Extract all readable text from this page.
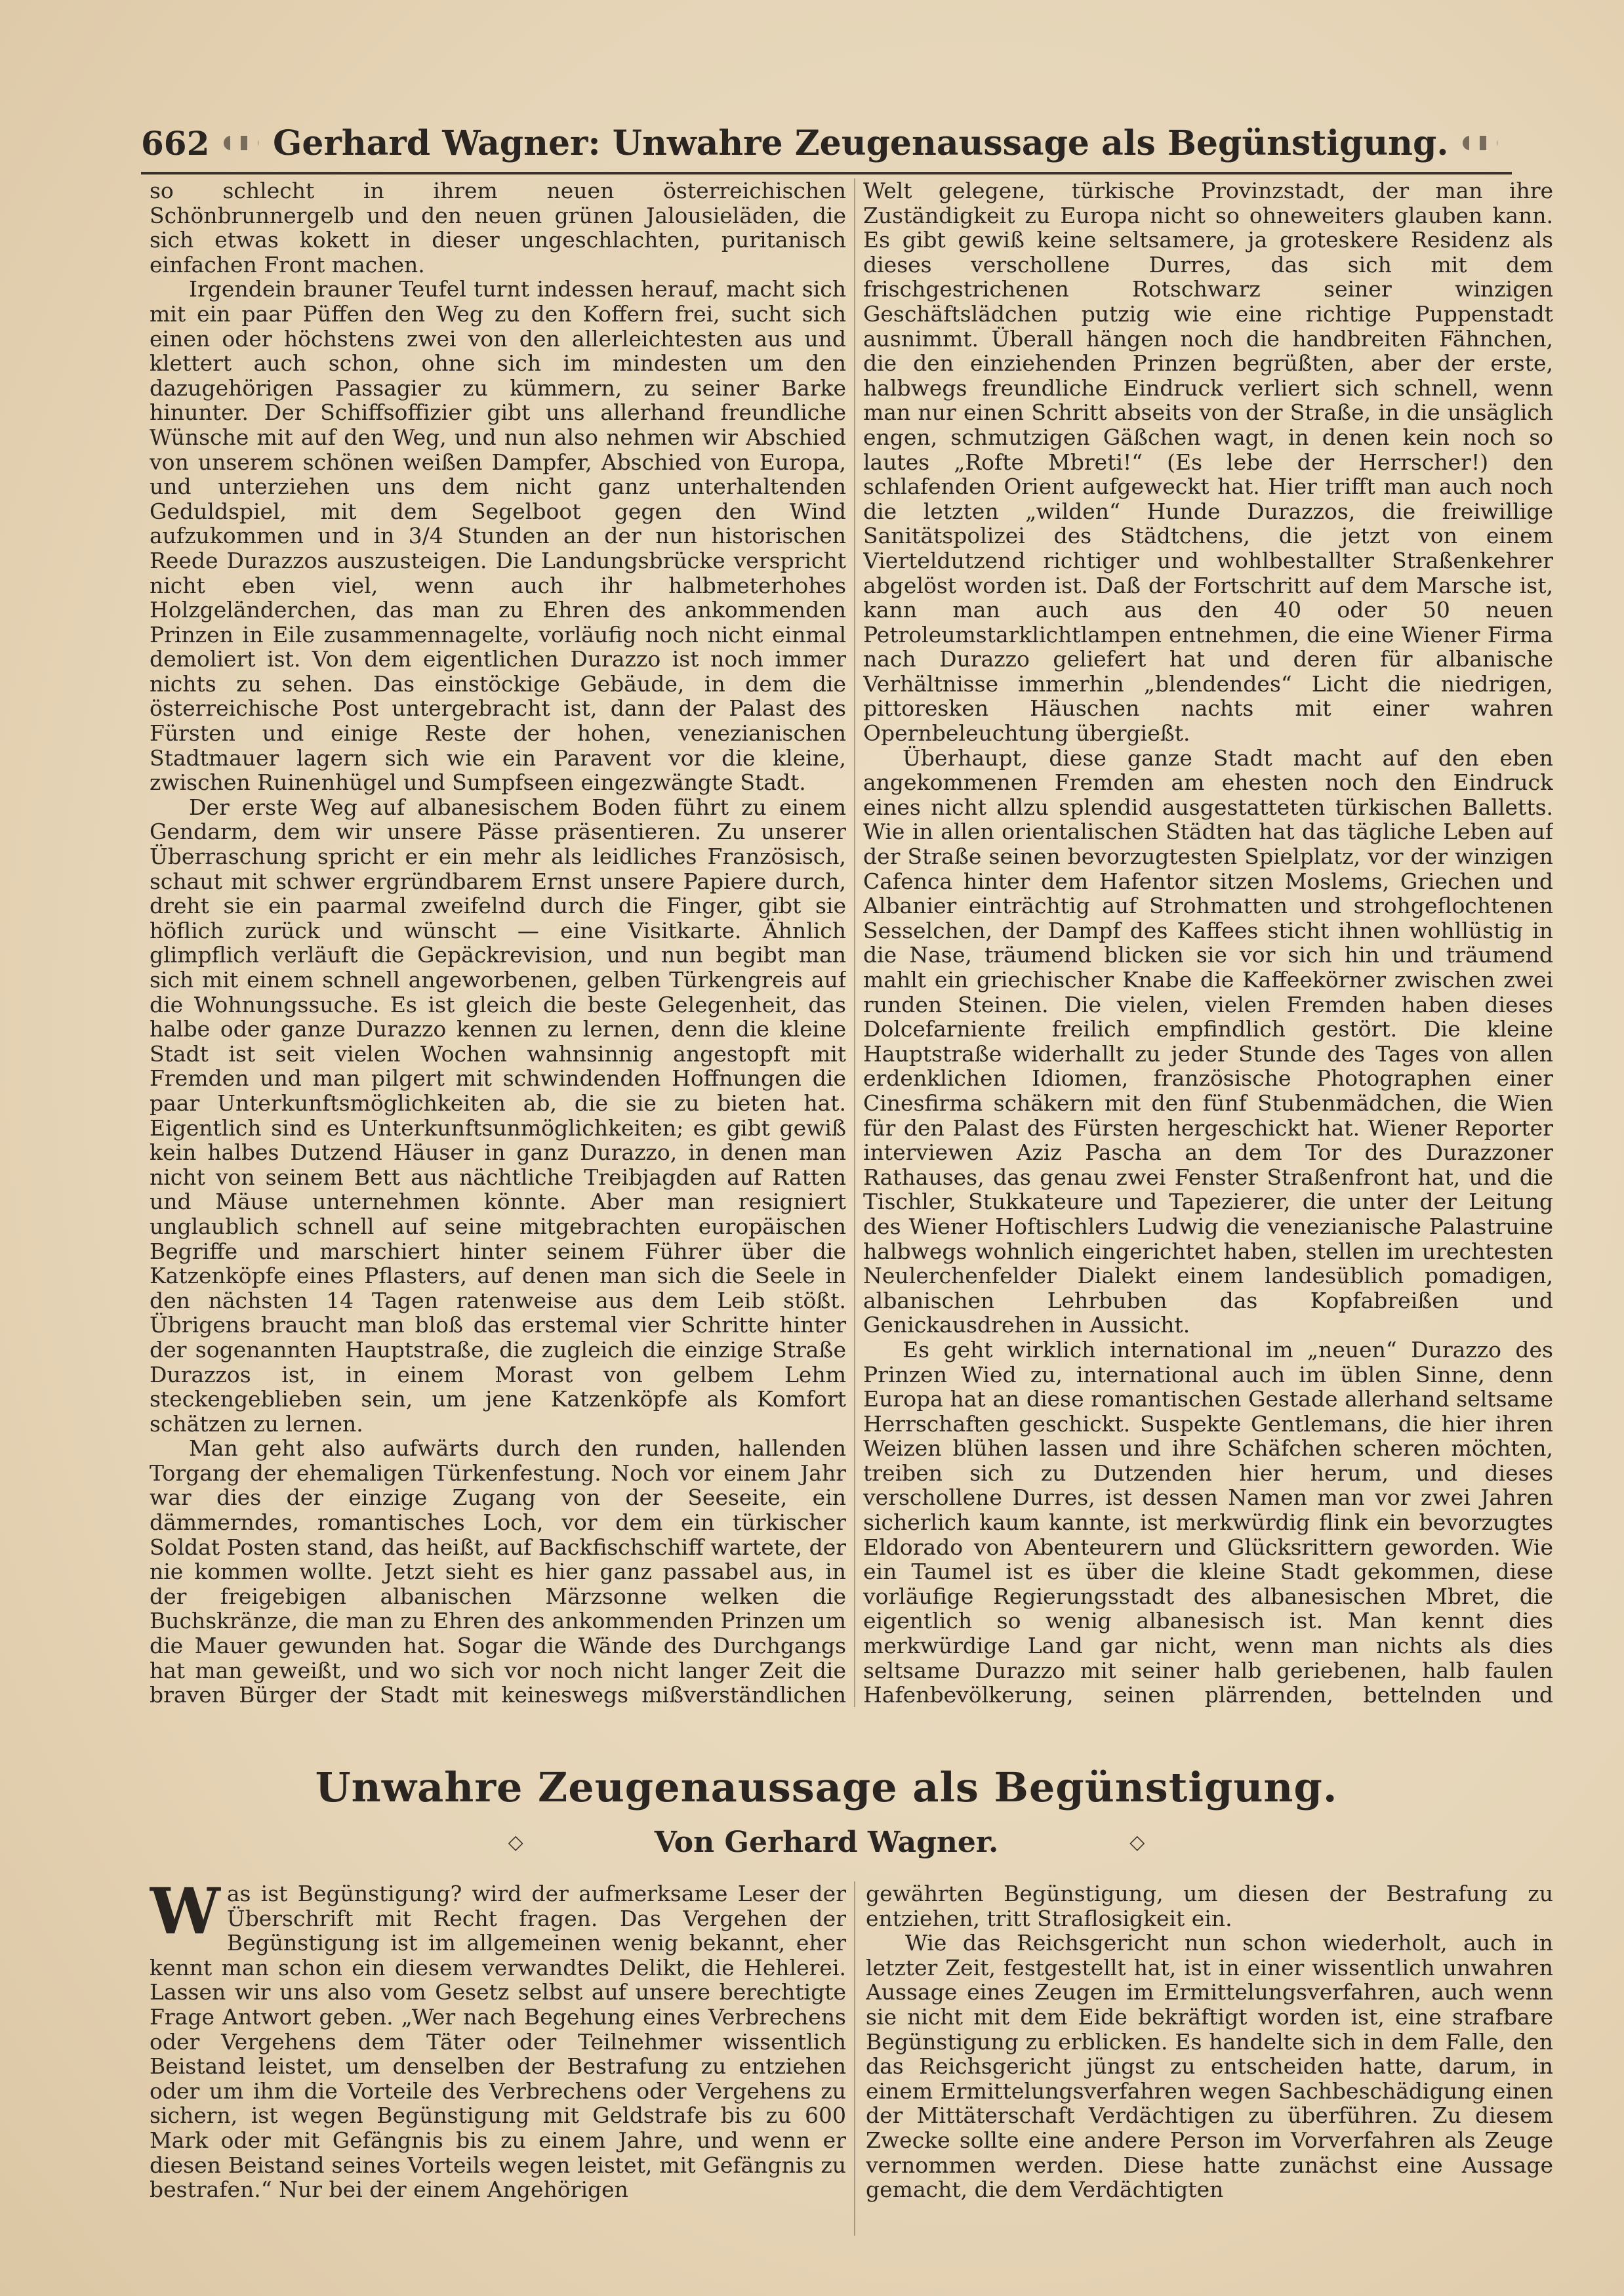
662 Gerhard Wagner: Unwahre Zeugenaussage als Begünstigung.

so schlecht in ihrem neuen österreichischen Schönbrunnergelb und den neuen grünen Jalousieläden, die sich etwas kokett in dieser ungeschlachten, puritanisch einfachen Front machen.

Irgendein brauner Teufel turnt indessen herauf, macht sich mit ein paar Püffen den Weg zu den Koffern frei, sucht sich einen oder höchstens zwei von den allerleichtesten aus und klettert auch schon, ohne sich im mindesten um den dazugehörigen Passagier zu kümmern, zu seiner Barke hinunter. Der Schiffsoffizier gibt uns allerhand freundliche Wünsche mit auf den Weg, und nun also nehmen wir Abschied von unserem schönen weißen Dampfer, Abschied von Europa, und unterziehen uns dem nicht ganz unterhaltenden Geduldspiel, mit dem Segelboot gegen den Wind aufzukommen und in 3/4 Stunden an der nun historischen Reede Durazzos auszusteigen. Die Landungsbrücke verspricht nicht eben viel, wenn auch ihr halbmeterhohes Holzgeländerchen, das man zu Ehren des ankommenden Prinzen in Eile zusammennagelte, vorläufig noch nicht einmal demoliert ist. Von dem eigentlichen Durazzo ist noch immer nichts zu sehen. Das einstöckige Gebäude, in dem die österreichische Post untergebracht ist, dann der Palast des Fürsten und einige Reste der hohen, venezianischen Stadtmauer lagern sich wie ein Paravent vor die kleine, zwischen Ruinenhügel und Sumpfseen eingezwängte Stadt.

Der erste Weg auf albanesischem Boden führt zu einem Gendarm, dem wir unsere Pässe präsentieren. Zu unserer Überraschung spricht er ein mehr als leidliches Französisch, schaut mit schwer ergründbarem Ernst unsere Papiere durch, dreht sie ein paarmal zweifelnd durch die Finger, gibt sie höflich zurück und wünscht — eine Visitkarte. Ähnlich glimpflich verläuft die Gepäckrevision, und nun begibt man sich mit einem schnell angeworbenen, gelben Türkengreis auf die Wohnungssuche. Es ist gleich die beste Gelegenheit, das halbe oder ganze Durazzo kennen zu lernen, denn die kleine Stadt ist seit vielen Wochen wahnsinnig angestopft mit Fremden und man pilgert mit schwindenden Hoffnungen die paar Unterkunftsmöglichkeiten ab, die sie zu bieten hat. Eigentlich sind es Unterkunftsunmöglichkeiten; es gibt gewiß kein halbes Dutzend Häuser in ganz Durazzo, in denen man nicht von seinem Bett aus nächtliche Treibjagden auf Ratten und Mäuse unternehmen könnte. Aber man resigniert unglaublich schnell auf seine mitgebrachten europäischen Begriffe und marschiert hinter seinem Führer über die Katzenköpfe eines Pflasters, auf denen man sich die Seele in den nächsten 14 Tagen ratenweise aus dem Leib stößt. Übrigens braucht man bloß das erstemal vier Schritte hinter der sogenannten Hauptstraße, die zugleich die einzige Straße Durazzos ist, in einem Morast von gelbem Lehm steckengeblieben sein, um jene Katzenköpfe als Komfort schätzen zu lernen.

Man geht also aufwärts durch den runden, hallenden Torgang der ehemaligen Türkenfestung. Noch vor einem Jahr war dies der einzige Zugang von der Seeseite, ein dämmerndes, romantisches Loch, vor dem ein türkischer Soldat Posten stand, das heißt, auf Backfischschiff wartete, der nie kommen wollte. Jetzt sieht es hier ganz passabel aus, in der freigebigen albanischen Märzsonne welken die Buchskränze, die man zu Ehren des ankommenden Prinzen um die Mauer gewunden hat. Sogar die Wände des Durchgangs hat man geweißt, und wo sich vor noch nicht langer Zeit die braven Bürger der Stadt mit keineswegs mißverständlichen

Welt gelegene, türkische Provinzstadt, der man ihre Zuständigkeit zu Europa nicht so ohneweiters glauben kann. Es gibt gewiß keine seltsamere, ja groteskere Residenz als dieses verschollene Durres, das sich mit dem frischgestrichenen Rotschwarz seiner winzigen Geschäftslädchen putzig wie eine richtige Puppenstadt ausnimmt. Überall hängen noch die handbreiten Fähnchen, die den einziehenden Prinzen begrüßten, aber der erste, halbwegs freundliche Eindruck verliert sich schnell, wenn man nur einen Schritt abseits von der Straße, in die unsäglich engen, schmutzigen Gäßchen wagt, in denen kein noch so lautes „Rofte Mbreti!“ (Es lebe der Herrscher!) den schlafenden Orient aufgeweckt hat. Hier trifft man auch noch die letzten „wilden“ Hunde Durazzos, die freiwillige Sanitätspolizei des Städtchens, die jetzt von einem Vierteldutzend richtiger und wohlbestallter Straßenkehrer abgelöst worden ist. Daß der Fortschritt auf dem Marsche ist, kann man auch aus den 40 oder 50 neuen Petroleumstarklichtlampen entnehmen, die eine Wiener Firma nach Durazzo geliefert hat und deren für albanische Verhältnisse immerhin „blendendes“ Licht die niedrigen, pittoresken Häuschen nachts mit einer wahren Opernbeleuchtung übergießt.

Überhaupt, diese ganze Stadt macht auf den eben angekommenen Fremden am ehesten noch den Eindruck eines nicht allzu splendid ausgestatteten türkischen Balletts. Wie in allen orientalischen Städten hat das tägliche Leben auf der Straße seinen bevorzugtesten Spielplatz, vor der winzigen Cafenca hinter dem Hafentor sitzen Moslems, Griechen und Albanier einträchtig auf Strohmatten und strohgeflochtenen Sesselchen, der Dampf des Kaffees sticht ihnen wohllüstig in die Nase, träumend blicken sie vor sich hin und träumend mahlt ein griechischer Knabe die Kaffeekörner zwischen zwei runden Steinen. Die vielen, vielen Fremden haben dieses Dolcefarniente freilich empfindlich gestört. Die kleine Hauptstraße widerhallt zu jeder Stunde des Tages von allen erdenklichen Idiomen, französische Photographen einer Cinesfirma schäkern mit den fünf Stubenmädchen, die Wien für den Palast des Fürsten hergeschickt hat. Wiener Reporter interviewen Aziz Pascha an dem Tor des Durazzoner Rathauses, das genau zwei Fenster Straßenfront hat, und die Tischler, Stukkateure und Tapezierer, die unter der Leitung des Wiener Hoftischlers Ludwig die venezianische Palastruine halbwegs wohnlich eingerichtet haben, stellen im urechtesten Neulerchenfelder Dialekt einem landesüblich pomadigen, albanischen Lehrbuben das Kopfabreißen und Genickausdrehen in Aussicht.

Es geht wirklich international im „neuen“ Durazzo des Prinzen Wied zu, international auch im üblen Sinne, denn Europa hat an diese romantischen Gestade allerhand seltsame Herrschaften geschickt. Suspekte Gentlemans, die hier ihren Weizen blühen lassen und ihre Schäfchen scheren möchten, treiben sich zu Dutzenden hier herum, und dieses verschollene Durres, ist dessen Namen man vor zwei Jahren sicherlich kaum kannte, ist merkwürdig flink ein bevorzugtes Eldorado von Abenteurern und Glücksrittern geworden. Wie ein Taumel ist es über die kleine Stadt gekommen, diese vorläufige Regierungsstadt des albanesischen Mbret, die eigentlich so wenig albanesisch ist. Man kennt dies merkwürdige Land gar nicht, wenn man nichts als dies seltsame Durazzo mit seiner halb geriebenen, halb faulen Hafenbevölkerung, seinen plärrenden, bettelnden und

Unwahre Zeugenaussage als Begünstigung.
◇	Von Gerhard Wagner.	◇

Was ist Begünstigung? wird der aufmerksame Leser der Überschrift mit Recht fragen. Das Vergehen der Begünstigung ist im allgemeinen wenig bekannt, eher kennt man schon ein diesem verwandtes Delikt, die Hehlerei. Lassen wir uns also vom Gesetz selbst auf unsere berechtigte Frage Antwort geben. „Wer nach Begehung eines Verbrechens oder Vergehens dem Täter oder Teilnehmer wissentlich Beistand leistet, um denselben der Bestrafung zu entziehen oder um ihm die Vorteile des Verbrechens oder Vergehens zu sichern, ist wegen Begünstigung mit Geldstrafe bis zu 600 Mark oder mit Gefängnis bis zu einem Jahre, und wenn er diesen Beistand seines Vorteils wegen leistet, mit Gefängnis zu bestrafen.“ Nur bei der einem Angehörigen

gewährten Begünstigung, um diesen der Bestrafung zu entziehen, tritt Straflosigkeit ein.

Wie das Reichsgericht nun schon wiederholt, auch in letzter Zeit, festgestellt hat, ist in einer wissentlich unwahren Aussage eines Zeugen im Ermittelungsverfahren, auch wenn sie nicht mit dem Eide bekräftigt worden ist, eine strafbare Begünstigung zu erblicken. Es handelte sich in dem Falle, den das Reichsgericht jüngst zu entscheiden hatte, darum, in einem Ermittelungsverfahren wegen Sachbeschädigung einen der Mittäterschaft Verdächtigen zu überführen. Zu diesem Zwecke sollte eine andere Person im Vorverfahren als Zeuge vernommen werden. Diese hatte zunächst eine Aussage gemacht, die dem Verdächtigten
